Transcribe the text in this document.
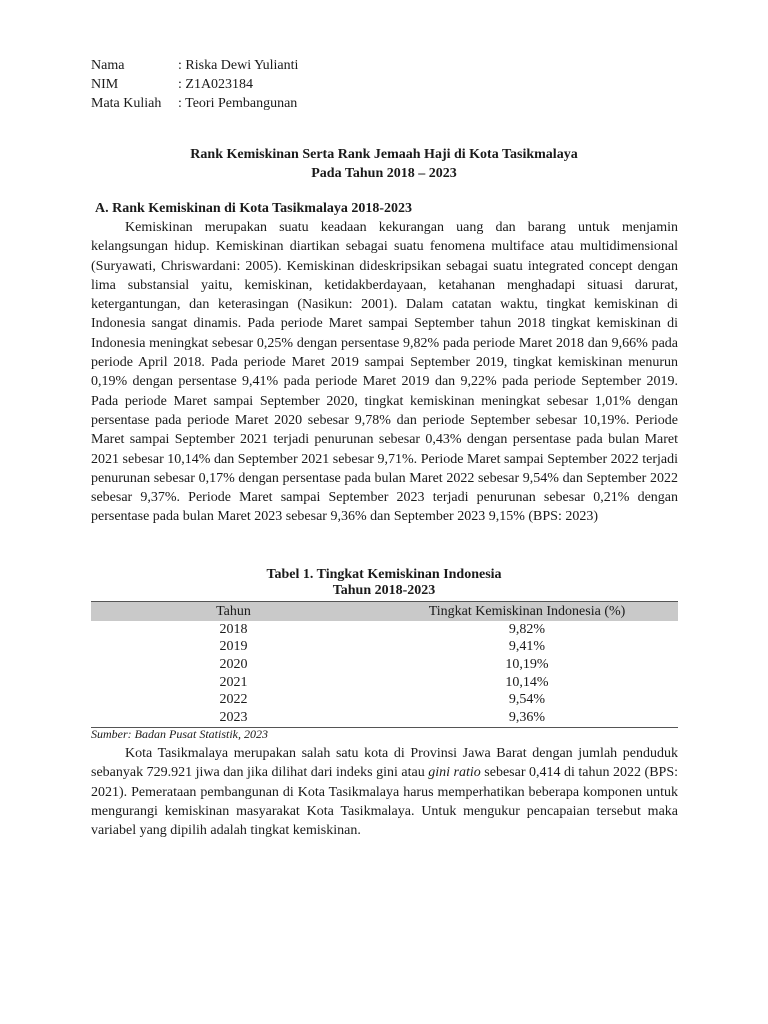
Nama	: Riska Dewi Yulianti
NIM	: Z1A023184
Mata Kuliah	: Teori Pembangunan
Rank Kemiskinan Serta Rank Jemaah Haji di Kota Tasikmalaya
Pada Tahun 2018 – 2023
A. Rank Kemiskinan di Kota Tasikmalaya 2018-2023

Kemiskinan merupakan suatu keadaan kekurangan uang dan barang untuk menjamin kelangsungan hidup. Kemiskinan diartikan sebagai suatu fenomena multiface atau multidimensional (Suryawati, Chriswardani: 2005). Kemiskinan dideskripsikan sebagai suatu integrated concept dengan lima substansial yaitu, kemiskinan, ketidakberdayaan, ketahanan menghadapi situasi darurat, ketergantungan, dan keterasingan (Nasikun: 2001). Dalam catatan waktu, tingkat kemiskinan di Indonesia sangat dinamis. Pada periode Maret sampai September tahun 2018 tingkat kemiskinan di Indonesia meningkat sebesar 0,25% dengan persentase 9,82% pada periode Maret 2018 dan 9,66% pada periode April 2018. Pada periode Maret 2019 sampai September 2019, tingkat kemiskinan menurun 0,19% dengan persentase 9,41% pada periode Maret 2019 dan 9,22% pada periode September 2019. Pada periode Maret sampai September 2020, tingkat kemiskinan meningkat sebesar 1,01% dengan persentase pada periode Maret 2020 sebesar 9,78% dan periode September sebesar 10,19%. Periode Maret sampai September 2021 terjadi penurunan sebesar 0,43% dengan persentase pada bulan Maret 2021 sebesar 10,14% dan September 2021 sebesar 9,71%. Periode Maret sampai September 2022 terjadi penurunan sebesar 0,17% dengan persentase pada bulan Maret 2022 sebesar 9,54% dan September 2022 sebesar 9,37%. Periode Maret sampai September 2023 terjadi penurunan sebesar 0,21% dengan persentase pada bulan Maret 2023 sebesar 9,36% dan September 2023 9,15% (BPS: 2023)

Tabel 1. Tingkat Kemiskinan Indonesia
Tahun 2018-2023
Tahun	Tingkat Kemiskinan Indonesia (%)
2018	9,82%
2019	9,41%
2020	10,19%
2021	10,14%
2022	9,54%
2023	9,36%
Sumber: Badan Pusat Statistik, 2023

Kota Tasikmalaya merupakan salah satu kota di Provinsi Jawa Barat dengan jumlah penduduk sebanyak 729.921 jiwa dan jika dilihat dari indeks gini atau gini ratio sebesar 0,414 di tahun 2022 (BPS: 2021). Pemerataan pembangunan di Kota Tasikmalaya harus memperhatikan beberapa komponen untuk mengurangi kemiskinan masyarakat Kota Tasikmalaya. Untuk mengukur pencapaian tersebut maka variabel yang dipilih adalah tingkat kemiskinan.
